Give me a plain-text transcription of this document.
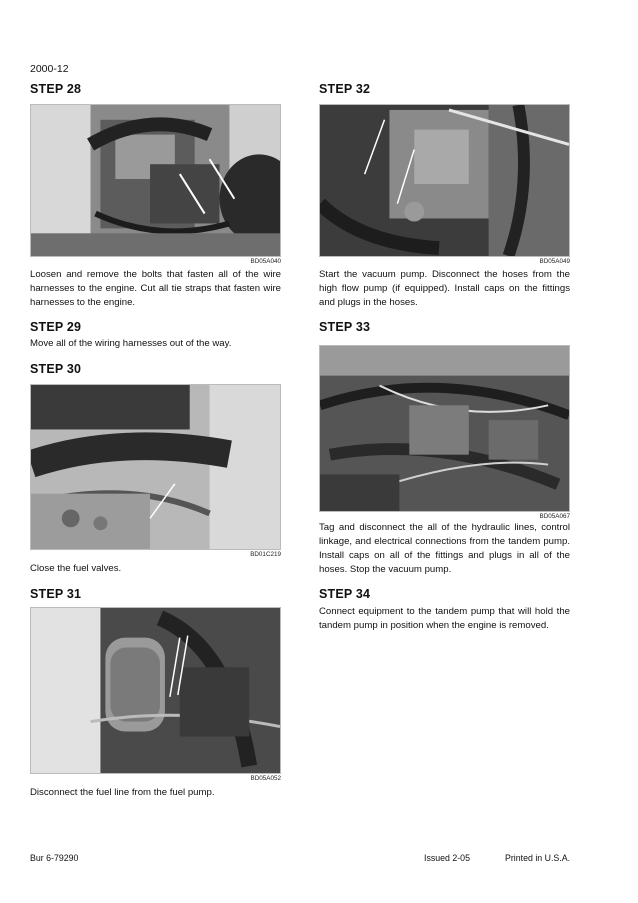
2000-12
STEP 28
BD05A040
Loosen and remove the bolts that fasten all of the wire harnesses to the engine. Cut all tie straps that fasten wire harnesses to the engine.
STEP 29
Move all of the wiring harnesses out of the way.
STEP 30
BD01C219
Close the fuel valves.
STEP 31
BD05A052
Disconnect the fuel line from the fuel pump.
STEP 32
BD05A049
Start the vacuum pump. Disconnect the hoses from the high flow pump (if equipped). Install caps on the fittings and plugs in the hoses.
STEP 33
BD05A067
Tag and disconnect the all of the hydraulic lines, control linkage, and electrical connections from the tandem pump. Install caps on all of the fittings and plugs in all of the hoses. Stop the vacuum pump.
STEP 34
Connect equipment to the tandem pump that will hold the tandem pump in position when the engine is removed.
Bur 6-79290	Issued 2-05	Printed in U.S.A.
